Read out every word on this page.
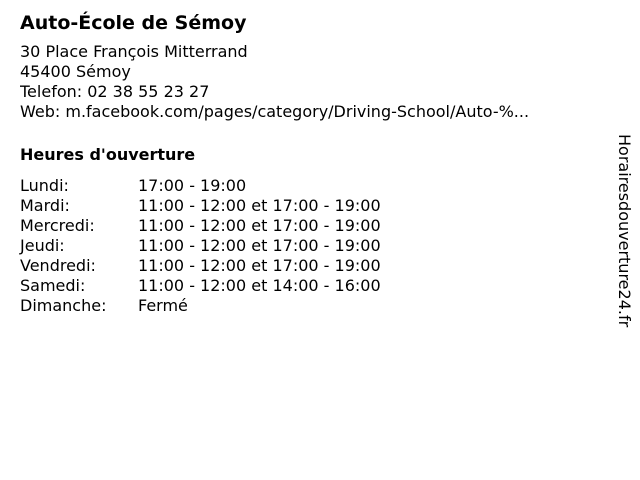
Auto-École de Sémoy
30 Place François Mitterrand
45400 Sémoy
Telefon: 02 38 55 23 27
Web: m.facebook.com/pages/category/Driving-School/Auto-%...
Heures d'ouverture
Lundi:	17:00 - 19:00
Mardi:	11:00 - 12:00 et 17:00 - 19:00
Mercredi:	11:00 - 12:00 et 17:00 - 19:00
Jeudi:	11:00 - 12:00 et 17:00 - 19:00
Vendredi:	11:00 - 12:00 et 17:00 - 19:00
Samedi:	11:00 - 12:00 et 14:00 - 16:00
Dimanche:	Fermé	Horairesdouverture24.fr
